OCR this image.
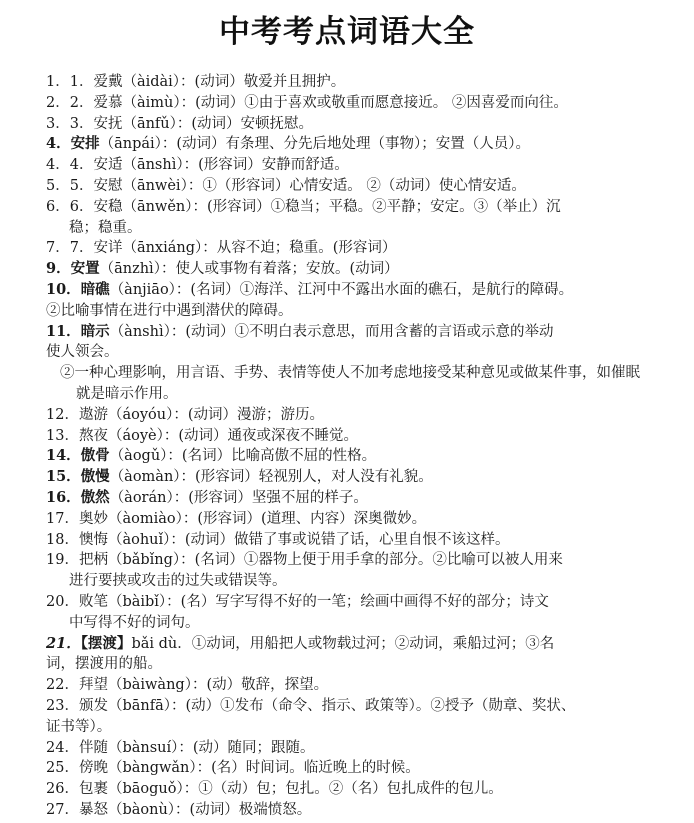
中考考点词语大全
1．1．爱戴（àidài）：(动词）敬爱并且拥护。
2．2．爱慕（àimù）：(动词）①由于喜欢或敬重而愿意接近。 ②因喜爱而向往。
3．3．安抚（ānfǔ）：(动词）安顿抚慰。
4．安排（ānpái）：(动词）有条理、分先后地处理（事物）；安置（人员）。
4．4．安适（ānshì）：(形容词）安静而舒适。
5．5．安慰（ānwèi）：①（形容词）心情安适。 ②（动词）使心情安适。
6．6．安稳（ānwěn）：(形容词）①稳当；平稳。②平静；安定。③（举止）沉
稳；稳重。
7．7．安详（ānxiáng）：从容不迫；稳重。(形容词）
9．安置（ānzhì）：使人或事物有着落；安放。(动词）
10．暗礁（ànjiāo）：(名词）①海洋、江河中不露出水面的礁石，是航行的障碍。
②比喻事情在进行中遇到潜伏的障碍。
11．暗示（ànshì）：(动词）①不明白表示意思，而用含蓄的言语或示意的举动
使人领会。
②一种心理影响，用言语、手势、表情等使人不加考虑地接受某种意见或做某件事，如催眠就是暗示作用。
12．遨游（áoyóu）：(动词）漫游；游历。
13．熬夜（áoyè）：(动词）通夜或深夜不睡觉。
14．傲骨（àogǔ）：(名词）比喻高傲不屈的性格。
15．傲慢（àomàn）：(形容词）轻视别人，对人没有礼貌。
16．傲然（àorán）：(形容词）坚强不屈的样子。
17．奥妙（àomiào）：(形容词）(道理、内容）深奥微妙。
18．懊悔（àohuǐ）：(动词）做错了事或说错了话，心里自恨不该这样。
19．把柄（bǎbǐng）：(名词）①器物上便于用手拿的部分。②比喻可以被人用来
进行要挟或攻击的过失或错误等。
20．败笔（bàibǐ）：(名）写字写得不好的一笔；绘画中画得不好的部分；诗文
中写得不好的词句。
21．【摆渡】bǎi dù．①动词，用船把人或物载过河；②动词，乘船过河；③名
词，摆渡用的船。
22．拜望（bàiwàng）：(动）敬辞，探望。
23．颁发（bānfā）：(动）①发布（命令、指示、政策等）。②授予（勋章、奖状、
证书等）。
24．伴随（bànsuí）：(动）随同；跟随。
25．傍晚（bàngwǎn）：(名）时间词。临近晚上的时候。
26．包裹（bāoguǒ）：①（动）包；包扎。②（名）包扎成件的包儿。
27．暴怒（bàonù）：(动词）极端愤怒。
